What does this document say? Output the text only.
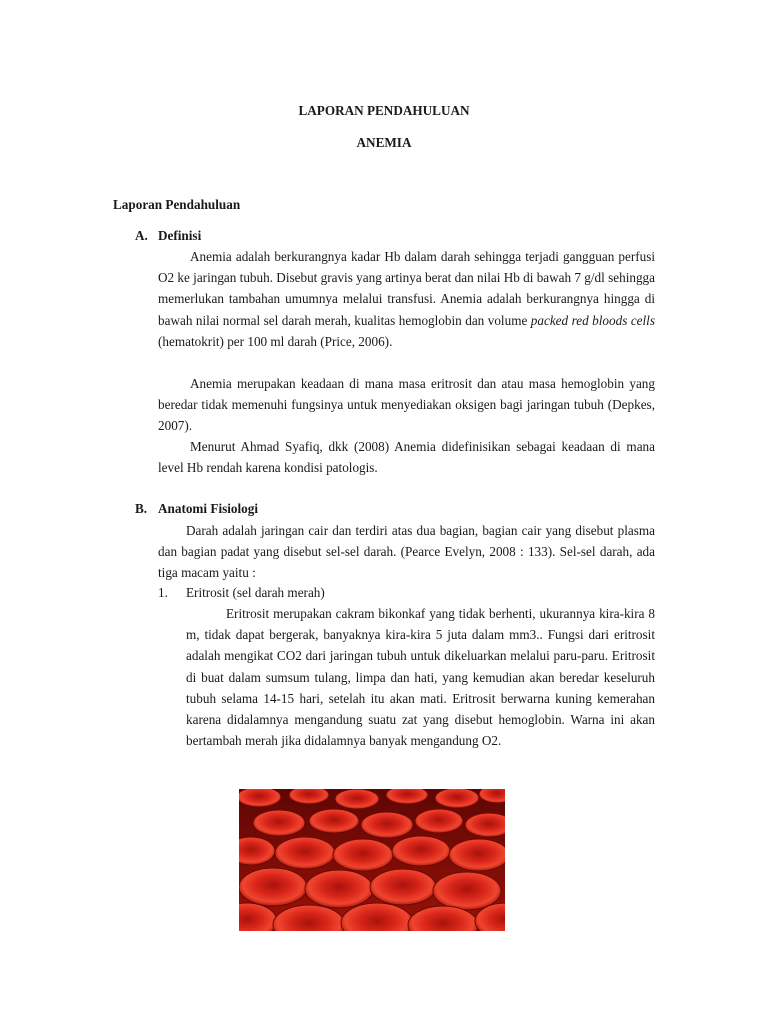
LAPORAN PENDAHULUAN
ANEMIA
Laporan Pendahuluan
A. Definisi

Anemia adalah berkurangnya kadar Hb dalam darah sehingga terjadi gangguan perfusi O2 ke jaringan tubuh. Disebut gravis yang artinya berat dan nilai Hb di bawah 7 g/dl sehingga memerlukan tambahan umumnya melalui transfusi. Anemia adalah berkurangnya hingga di bawah nilai normal sel darah merah, kualitas hemoglobin dan volume packed red bloods cells (hematokrit) per 100 ml darah (Price, 2006).

Anemia merupakan keadaan di mana masa eritrosit dan atau masa hemoglobin yang beredar tidak memenuhi fungsinya untuk menyediakan oksigen bagi jaringan tubuh (Depkes, 2007).

Menurut Ahmad Syafiq, dkk (2008) Anemia didefinisikan sebagai keadaan di mana level Hb rendah karena kondisi patologis.

B. Anatomi Fisiologi

Darah adalah jaringan cair dan terdiri atas dua bagian, bagian cair yang disebut plasma dan bagian padat yang disebut sel-sel darah. (Pearce Evelyn, 2008 : 133). Sel-sel darah, ada tiga macam yaitu :

1. Eritrosit (sel darah merah)

Eritrosit merupakan cakram bikonkaf yang tidak berhenti, ukurannya kira-kira 8 m, tidak dapat bergerak, banyaknya kira-kira 5 juta dalam mm3.. Fungsi dari eritrosit adalah mengikat CO2 dari jaringan tubuh untuk dikeluarkan melalui paru-paru. Eritrosit di buat dalam sumsum tulang, limpa dan hati, yang kemudian akan beredar keseluruh tubuh selama 14-15 hari, setelah itu akan mati. Eritrosit berwarna kuning kemerahan karena didalamnya mengandung suatu zat yang disebut hemoglobin. Warna ini akan bertambah merah jika didalamnya banyak mengandung O2.
